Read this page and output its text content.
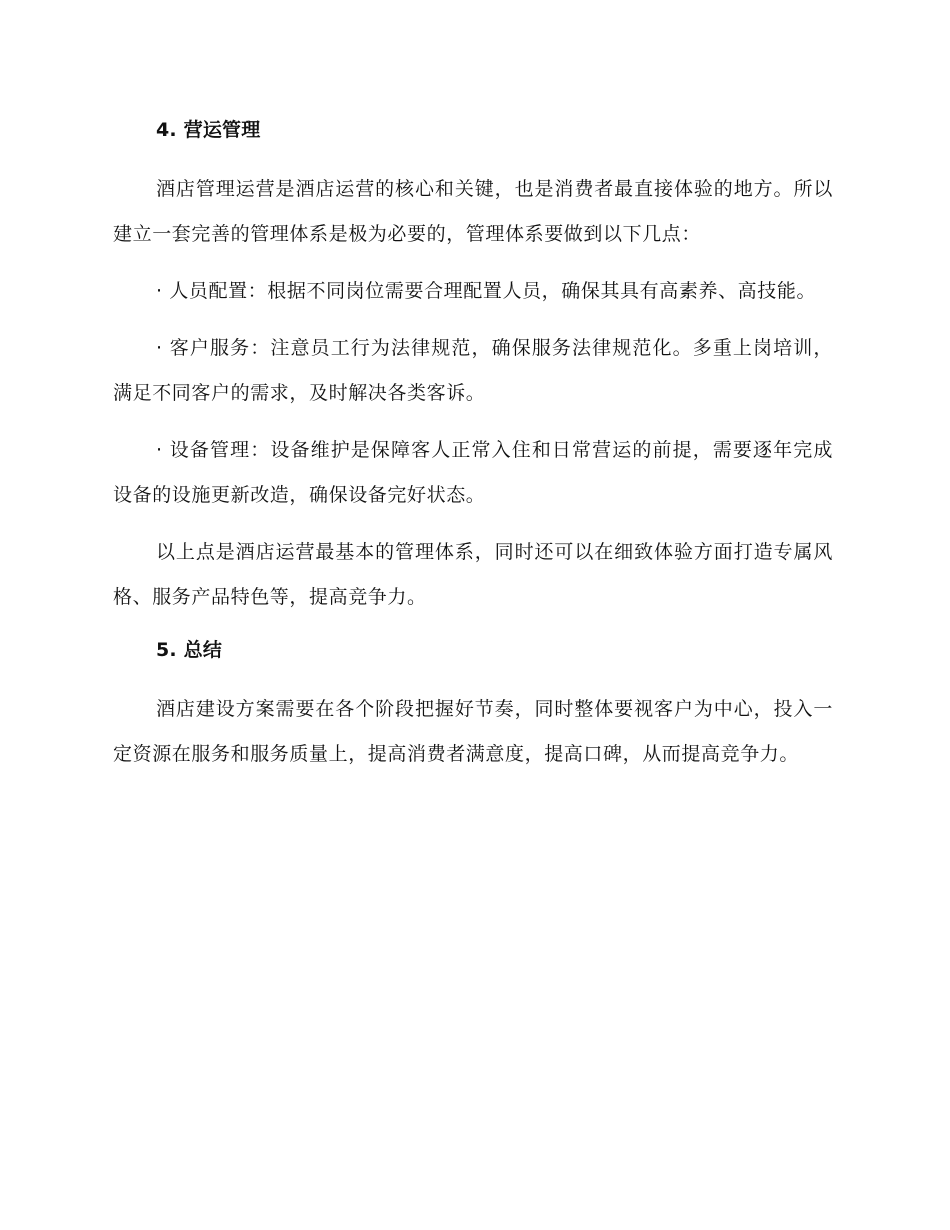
4. 营运管理

酒店管理运营是酒店运营的核心和关键，也是消费者最直接体验的地方。所以建立一套完善的管理体系是极为必要的，管理体系要做到以下几点：

· 人员配置：根据不同岗位需要合理配置人员，确保其具有高素养、高技能。

· 客户服务：注意员工行为法律规范，确保服务法律规范化。多重上岗培训，满足不同客户的需求，及时解决各类客诉。

· 设备管理：设备维护是保障客人正常入住和日常营运的前提，需要逐年完成设备的设施更新改造，确保设备完好状态。

以上点是酒店运营最基本的管理体系，同时还可以在细致体验方面打造专属风格、服务产品特色等，提高竞争力。

5. 总结

酒店建设方案需要在各个阶段把握好节奏，同时整体要视客户为中心，投入一定资源在服务和服务质量上，提高消费者满意度，提高口碑，从而提高竞争力。
